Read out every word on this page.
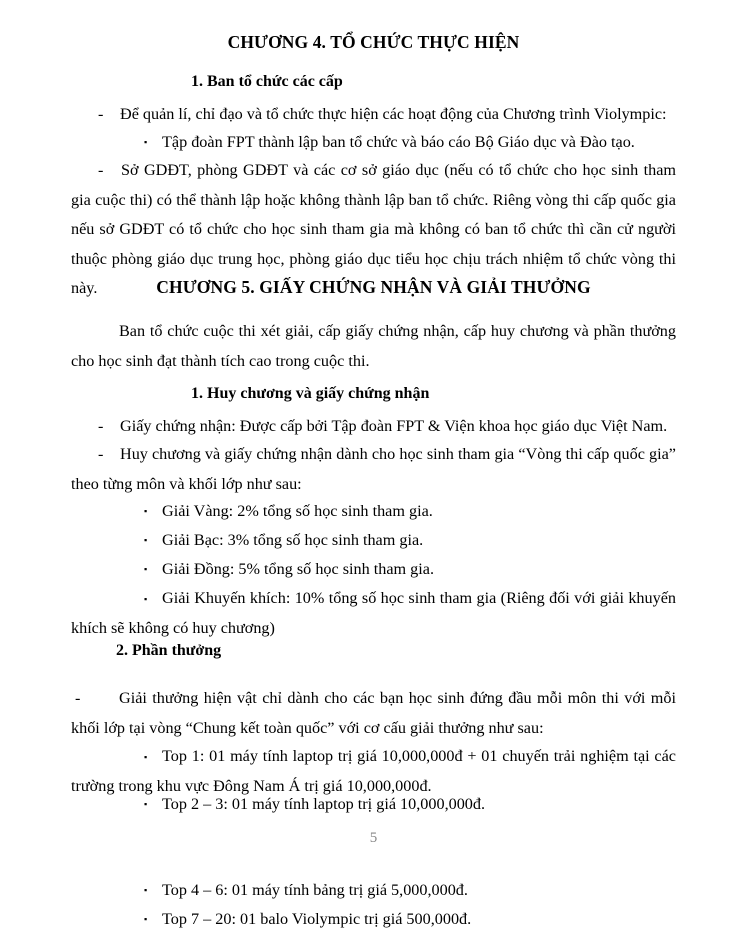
CHƯƠNG 4. TỔ CHỨC THỰC HIỆN
1. Ban tổ chức các cấp
-	Để quản lí, chỉ đạo và tổ chức thực hiện các hoạt động của Chương trình Violympic:
▪ Tập đoàn FPT thành lập ban tổ chức và báo cáo Bộ Giáo dục và Đào tạo.
- Sở GDĐT, phòng GDĐT và các cơ sở giáo dục (nếu có tổ chức cho học sinh tham gia cuộc thi) có thể thành lập hoặc không thành lập ban tổ chức. Riêng vòng thi cấp quốc gia nếu sở GDĐT có tổ chức cho học sinh tham gia mà không có ban tổ chức thì cần cử người thuộc phòng giáo dục trung học, phòng giáo dục tiểu học chịu trách nhiệm tổ chức vòng thi này.	CHƯƠNG 5. GIẤY CHỨNG NHẬN VÀ GIẢI THƯỞNG
Ban tổ chức cuộc thi xét giải, cấp giấy chứng nhận, cấp huy chương và phần thưởng cho học sinh đạt thành tích cao trong cuộc thi.
1. Huy chương và giấy chứng nhận
-	Giấy chứng nhận: Được cấp bởi Tập đoàn FPT & Viện khoa học giáo dục Việt Nam.
- Huy chương và giấy chứng nhận dành cho học sinh tham gia “Vòng thi cấp quốc gia” theo từng môn và khối lớp như sau:
▪ Giải Vàng: 2% tổng số học sinh tham gia.
▪ Giải Bạc: 3% tổng số học sinh tham gia.
▪ Giải Đồng: 5% tổng số học sinh tham gia.
▪ Giải Khuyến khích: 10% tổng số học sinh tham gia (Riêng đối với giải khuyến khích sẽ không có huy chương)
2. Phần thưởng
- Giải thưởng hiện vật chỉ dành cho các bạn học sinh đứng đầu mỗi môn thi với mỗi khối lớp tại vòng “Chung kết toàn quốc” với cơ cấu giải thưởng như sau:
▪ Top 1: 01 máy tính laptop trị giá 10,000,000đ + 01 chuyến trải nghiệm tại các trường trong khu vực Đông Nam Á trị giá 10,000,000đ.
▪ Top 2 – 3: 01 máy tính laptop trị giá 10,000,000đ.
5
▪ Top 4 – 6: 01 máy tính bảng trị giá 5,000,000đ.
▪ Top 7 – 20: 01 balo Violympic trị giá 500,000đ.
